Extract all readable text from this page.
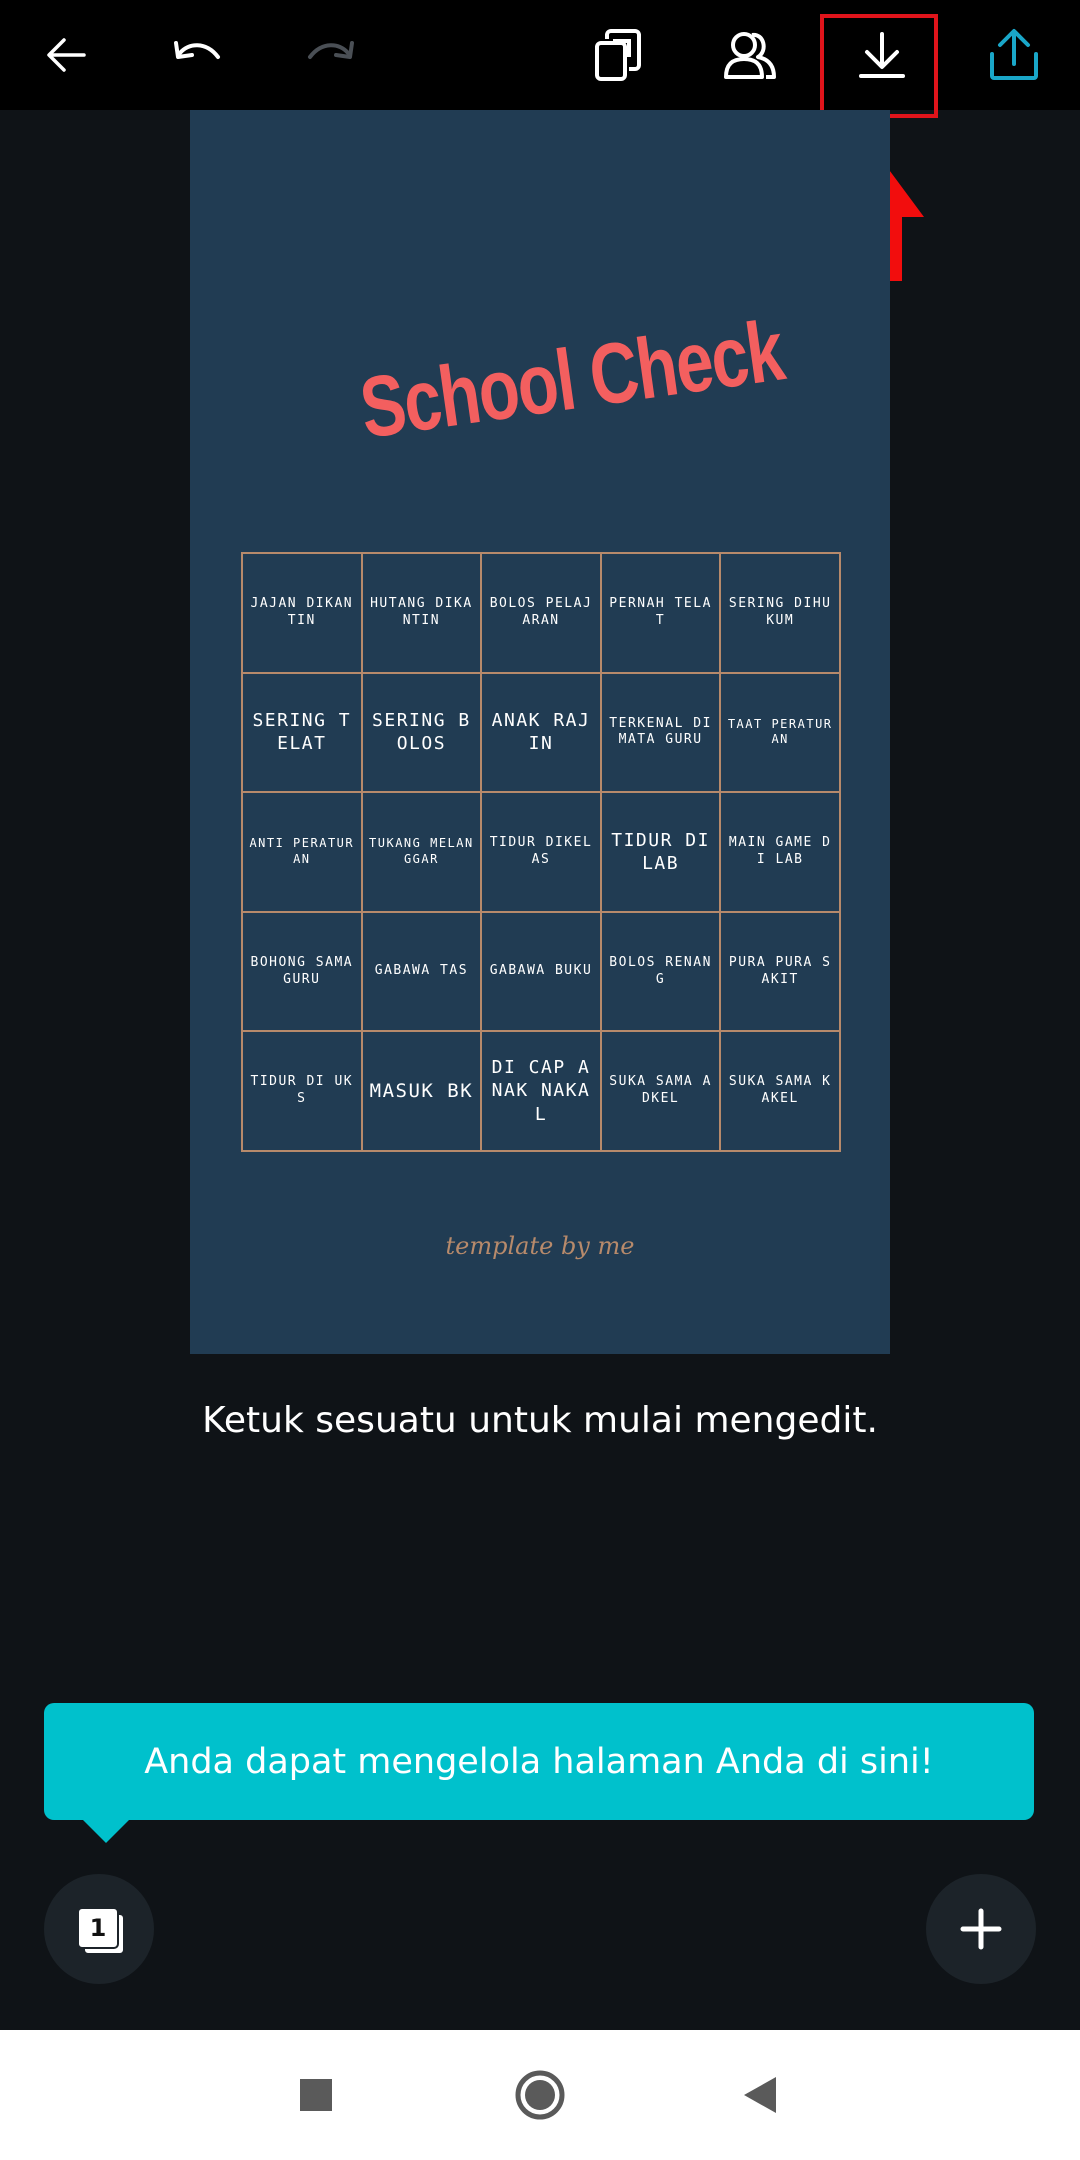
School Check
JAJAN DIKANTIN
HUTANG DIKANTIN
BOLOS PELAJARAN
PERNAH TELAT
SERING DIHUKUM
SERING TELAT
SERING BOLOS
ANAK RAJIN
TERKENAL DI MATA GURU
TAAT PERATURAN
ANTI PERATURAN
TUKANG MELANGGAR
TIDUR DIKELAS
TIDUR DI LAB
MAIN GAME DI LAB
BOHONG SAMA GURU
GABAWA TAS	GABAWA BUKU
BOLOS RENANG
PURA PURA SAKIT
TIDUR DI UKS	MASUK BK
DI CAP ANAK NAKAL
SUKA SAMA ADKEL
SUKA SAMA KAKEL
template by me
Ketuk sesuatu untuk mulai mengedit.
Anda dapat mengelola halaman Anda di sini!
1
